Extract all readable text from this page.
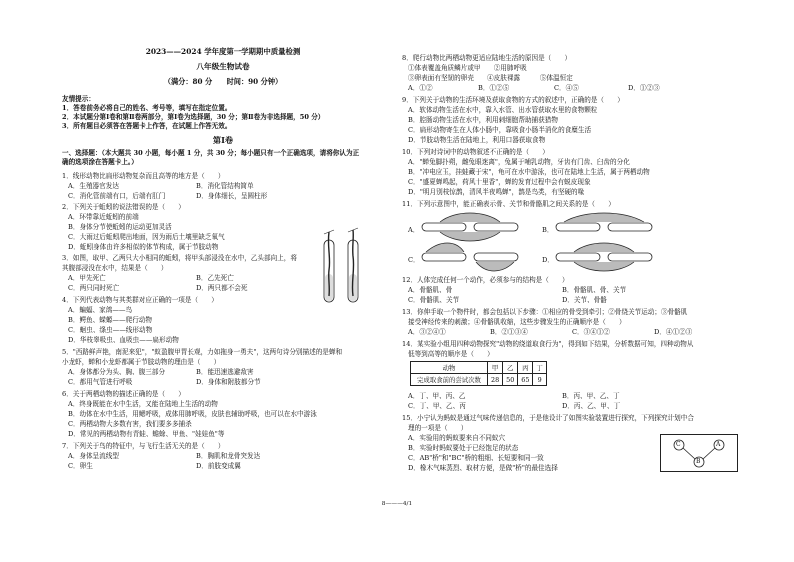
2023——2024 学年度第一学期期中质量检测
八年级生物试卷
（满分：80 分　　时间：90 分钟）
友情提示：
1．答卷前务必将自己的姓名、考号等，填写在指定位置。
2．本试题分第Ⅰ卷和第Ⅱ卷两部分，第Ⅰ卷为选择题，30 分；第Ⅱ卷为非选择题，50 分）
3．所有题目必须答在答题卡上作答，在试题上作答无效。
第Ⅰ卷
一、选择题：（本大题共 30 小题，每小题 1 分，共 30 分；每小题只有一个正确选项，请将你认为正
确的选项涂在答题卡上。）
1．线形动物比扁形动物复杂而且高等的地方是（　　）
A．生殖器官发达	B．消化管结构简单
C．消化管前端有口，后端有肛门	D．身体细长，呈圆柱形
2．下列关于蚯蚓的说法错误的是（　　）
A．环带靠近蚯蚓的前端
B．身体分节使蚯蚓的运动更加灵活
C．大雨过后蚯蚓爬出地面，因为雨后土壤里缺乏氧气
D．蚯蚓身体由许多相似的体节构成，属于节肢动物
3．如图，取甲、乙两只大小相同的蚯蚓，将甲头部浸没在水中，乙头部向上，将
其腹部浸没在水中，结果是（　　）
A．甲先死亡	B．乙先死亡
C．两只同时死亡	D．两只都不会死
4．下列代表动物与其类群对应正确的一项是（　　）
A．蝙蝠、家鸽——鸟
B．鳄鱼、蝾螈——爬行动物
C．蛔虫、绦虫——线形动物
D．华枝睾吸虫、血吸虫——扁形动物
5．"西路鲜声艳，南泥来犯"，"蚁盈腹甲胃长观，力如拖身一勇夫"，这两句诗分别描述的是蝉和
小龙虾，蝉和小龙虾都属于节肢动物的理由是（　　）
A．身体都分为头、胸、腹三部分	B．能迅速逃避敌害
C．都用气管进行呼吸	D．身体和附肢都分节
6．关于两栖动物的描述正确的是（　　）
A．终身既能在水中生活，又能在陆地上生活的动物
B．幼体在水中生活，用鳃呼吸，成体用肺呼吸，皮肤也辅助呼吸，也可以在水中游泳
C．两栖动物大多数有害，我们要多多捕杀
D．常见的两栖动物有青蛙、蟾蜍、甲鱼、"娃娃鱼"等
7．下列关于鸟的特征中，与飞行生活无关的是（　　）
A．身体呈流线型	B．胸肌和龙骨突发达
C．卵生	D．前肢变成翼
8．爬行动物比两栖动物更适应陆地生活的原因是（　　）
①体表覆盖角质鳞片或甲　　②用肺呼吸
③卵表面有坚韧的卵壳　　④皮肤裸露　　　⑤体温恒定
A．①②	B．①②⑤	C．④⑤	D．①②③
9．下列关于动物的生活环境及获取食物的方式的叙述中，正确的是（　　）
A．软体动物生活在水中，靠入水管、出水管获取水里的食物颗粒
B．腔肠动物生活在水中，利用刺细胞帮助捕获猎物
C．扁形动物寄生在人体小肠中，靠吸食小肠半消化的食糜生活
D．节肢动物生活在陆地上，利用口器获取食物
10．下列对诗词中的动物叙述不正确的是（　　）
A．"蝉兔脚扑朔，雌兔眼迷离"，兔属于哺乳动物，牙齿有门齿、臼齿的分化
B．"冲电应玉，挂蛙藏于宋"，龟可在水中游泳，也可在陆地上生活，属于两栖动物
C．"盛夏蝉鸣起，荷风十里香"，蝉的发育过程中会有蜕皮现象
D．"明月别枝惊鹊，清风半夜鸣蝉"，鹊是鸟类，有坚硬的喙
11．下列示意图中，能正确表示骨、关节和骨骼肌之间关系的是（　　）
A．	B．
C．	D．
12．人体完成任何一个动作，必须参与的结构是（　　）
A．骨骼肌、骨	B．骨骼肌、骨、关节
C．骨骼肌、关节	D．关节、骨骼
13．你伸手取一个物件时，都会包括以下步骤：①相应的骨受到牵引；②骨绕关节运动；③骨骼肌
接受神经传来的刺激；④骨骼肌收缩，这些步骤发生的正确顺序是（　　）
A．③②④①	B．②①③④	C．③④①②	D．④①②③
14．某实验小组用四种动物探究"动物的绕道取食行为"，得到如下结果，分析数据可知，四种动物从
低等到高等的顺序是（　　）
动物	甲	乙	丙	丁
完成取食前的尝试次数	28	50	65	9
A．丁、甲、丙、乙	B．丙、甲、乙、丁
C．丁、甲、乙、丙	D．丙、乙、甲、丁
15．小宁认为蚂蚁是通过气味传递信息的，于是他设计了如图实验装置进行探究，下列探究计划中合
理的一项是（　　）
A．实验用的蚂蚁要来自不同蚁穴
B．实验时蚂蚁要处于已经饱足的状态
C．AB"桥"和"BC"桥的粗细、长短要和同一致
D．橡木气味蒸烈、取材方便，是做"桥"的最佳选择
C	A
B
8———4/1
